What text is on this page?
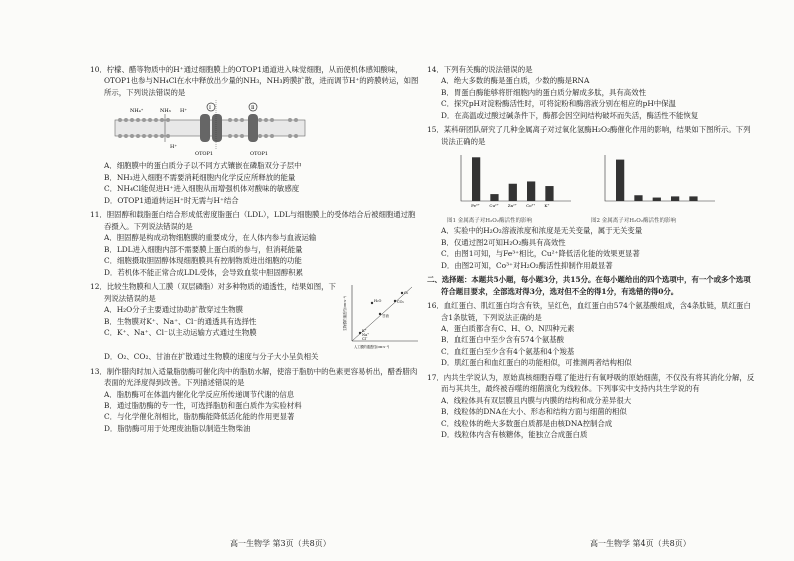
10．柠檬、醋等物质中的H⁺通过细胞膜上的OTOP1通道进入味觉细胞，从而使机体感知酸味，OTOP1也参与NH₄Cl在水中释放出少量的NH₃，NH₃跨膜扩散，进而调节H⁺的跨膜转运，如图所示，下列说法错误的是
Ⅰ	Ⅱ
NH₄⁺	NH₃ H⁺
H⁺
OTOP1	OTOP1
A．细胞膜中的蛋白质分子以不同方式镶嵌在磷脂双分子层中
B．NH₃进入细胞不需要消耗细胞内化学反应所释放的能量
C．NH₄Cl能促进H⁺进入细胞从而增强机体对酸味的敏感度
D．OTOP1通道转运H⁺时无需与H⁺结合
11．胆固醇和载脂蛋白结合形成低密度脂蛋白（LDL），LDL与细胞膜上的受体结合后被细胞通过胞吞摄入。下列说法错误的是
A．胆固醇是构成动物细胞膜的重要成分，在人体内参与血液运输
B．LDL进入细胞内部不需要膜上蛋白质的参与，但消耗能量
C．细胞摄取胆固醇体现细胞膜具有控制物质进出细胞的功能
D．若机体不能正常合成LDL受体，会导致血浆中胆固醇积累
12．比较生物膜和人工膜（双层磷脂）对多种物质的通透性，结果如图，下列说法错误的是
A．H₂O分子主要通过协助扩散穿过生物膜
B．生物膜对K⁺、Na⁺、Cl⁻的通透具有选择性
C．K⁺、Na⁺、Cl⁻以主动运输方式通过生物膜
甘油
CO₂
O₂
H₂O
K⁺
Na⁺
Cl⁻
人工膜的通透性(cm·s⁻¹)
生物膜的通透性(cm·s⁻¹)
D．O₂、CO₂、甘油在扩散通过生物膜的速度与分子大小呈负相关
13．制作腊肉时加入适量脂肪酶可催化肉中的脂肪水解，使溶于脂肪中的色素更容易析出，醋香腊肉表面的光泽度得到改善。下列描述错误的是
A．脂肪酶可在体温内催化化学反应所传递调节代谢的信息
B．通过脂肪酶的专一性，可选择脂肪和蛋白质作为实验材料
C．与化学催化剂相比，脂肪酶能降低活化能的作用更显著
D．脂肪酶可用于处理废油脂以制造生物柴油
14．下列有关酶的说法错误的是
A．绝大多数的酶是蛋白质，少数的酶是RNA
B．胃蛋白酶能够将肝细胞内的蛋白质分解成多肽，具有高效性
C．探究pH对淀粉酶活性时，可将淀粉和酶溶液分别在相应的pH中保温
D．在高温或过酸过碱条件下，酶都会因空间结构破坏而失活，酶活性不能恢复
15．某科研团队研究了几种金属离子对过氧化氢酶H₂O₂酶催化作用的影响，结果如下图所示。下列说法正确的是
Fe³⁺ Cu²⁺ Zn²⁺ Co³⁺ K⁺
图1 金属离子对H₂O₂酶活性的影响	图2 金属离子对H₂O₂酶活性的影响
A．实验中的H₂O₂溶液浓度和浓度是无关变量，属于无关变量
B．仅通过图2可知H₂O₂酶具有高效性
C．由图1可知，与Fe³⁺相比，Cu²⁺降低活化能的效果更显著
D．由图2可知，Co³⁺对H₂O₂酶活性抑制作用最显著
二、选择题：本题共5小题，每小题3分，共15分。在每小题给出的四个选项中，有一个或多个选项符合题目要求，全部选对得3分，选对但不全的得1分，有选错的得0分。
16．血红蛋白、肌红蛋白均含有铁，呈红色，血红蛋白由574个氨基酸组成，含4条肽链，肌红蛋白含1条肽链，下列说法正确的是
A．蛋白质都含有C、H、O、N四种元素
B．血红蛋白中至少含有574个氨基酸
C．血红蛋白至少含有4个氨基和4个羧基
D．肌红蛋白和血红蛋白的功能相似，可推测两者结构相似
17．内共生学说认为，原始真核细胞吞噬了能进行有氧呼吸的原始细菌，不仅没有将其消化分解，反而与其共生，最终被吞噬的细菌演化为线粒体。下列事实中支持内共生学说的有
A．线粒体具有双层膜且内膜与内膜的结构和成分差异很大
B．线粒体的DNA在大小、形态和结构方面与细菌的相似
C．线粒体的绝大多数蛋白质都是由核DNA控制合成
D．线粒体内含有核糖体，能独立合成蛋白质
高一生物学 第3页（共8页）	高一生物学 第4页（共8页）
